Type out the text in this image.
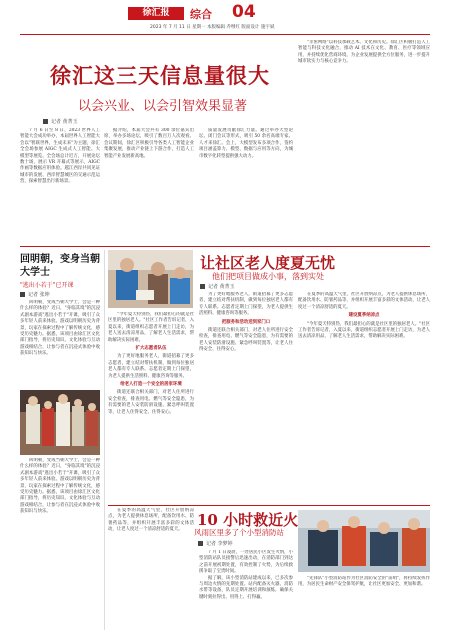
徐汇报	综合 04
2023 年 7 月 11 日 星期一 本版编辑 乔继红 版面设计 施宇斌
徐汇这三天信息量很大
以会兴业、以会引智效果显著
记者 黄菁玉

7 月 6 日至 8 日，2023 世界人工智能大会成功举办，本届世界人工智能大会以"智联世界，生成未来"为主题，徐汇全会场参展 AIGC 生成式人工智能、大模型等展览。全会场总计近万，开展论坛数十场，展示 VR 开幕式等展示，AIGC 作画等数据应用体验。越江西岸共同见证城市的发展、西岸智慧城区的交通示范运营，探索智慧出行新场景。

据介绍，本届大会共有 300 余位嘉宾出席，举办多场论坛，吸引了数百万人次观看。会议期间，徐汇区积极引导各类人工智能企业集聚发展，推动产业链上下游合作，打造人工智能产业发展新高地。

质量发展贡献徐汇力量。通过举办大型论坛、闭门会议等形式，吸引 50 余名高端专家、人才来徐汇。会上，大模型发布多项合作，签约项目涵盖算力、模型、数据与应用等方向，为城市数字化转型提供强大动力。

"亲密网络"以科技承载艺术、文化和历史。徐汇区积极打造人工智能与科技文化融合，推动 AI 技术在文化、教育、医疗等领域应用，并持续优化营商环境，为企业发展提供全方位服务，进一步提升城市软实力与核心竞争力。

回明朝，变身当朝大学士
"逃出小若于"已开课
记者 张坤

回明朝，变成当朝大学士，会是一种什么样的体验？近日，"身临其境"的沉浸式剧本游戏"逃出小若于"开课，吸引了众多年轻人前来体验。游戏以明朝历史为背景，玩家在探索过程中了解传统文化，感受历史魅力。据悉，该项目由徐汇区文化部门指导，将历史知识、文化体验与互动游戏相结合，让参与者在沉浸式体验中收获知识与快乐。

回明朝，变成当朝大学士，会是一种什么样的体验？近日，"身临其境"的沉浸式剧本游戏"逃出小若于"开课，吸引了众多年轻人前来体验。游戏以明朝历史为背景，玩家在探索过程中了解传统文化，感受历史魅力。据悉，该项目由徐汇区文化部门指导，将历史知识、文化体验与互动游戏相结合，让参与者在沉浸式体验中收获知识与快乐。

让社区老人度夏无忧
他们把项目做成小事，落到实处
记者 黄菁玉

"今年夏天特别热，我们最担心的就是社区里的独居老人。"社区工作者告诉记者，入夏以来，街道组织志愿者开展上门走访，为老人送去清凉用品，了解老人生活需求，帮助解决实际困难。

扩大志愿者队伍

为了更好地服务老人，街道招募了更多志愿者，建立结对帮扶机制，做到每位独居老人都有专人联系。志愿者定期上门探望，为老人提供生活照料、健康咨询等服务。

给老人打造一个安全的居家环境

街道还联合相关部门，对老人住所进行安全检查，排查用电、燃气等安全隐患，为有需要的老人安装防滑设施、紧急呼叫装置等，让老人住得安全、住得安心。

为了更好地服务老人，街道招募了更多志愿者，建立结对帮扶机制，做到每位独居老人都有专人联系。志愿者定期上门探望，为老人提供生活照料、健康咨询等服务。

把服务和活动送到家门口

街道还联合相关部门，对老人住所进行安全检查，排查用电、燃气等安全隐患，为有需要的老人安装防滑设施、紧急呼叫装置等，让老人住得安全、住得安心。

在夏季的高温天气里，社区开放纳凉点，为老人提供休息场所，配备饮用水、防暑药品等，并组织开展丰富多彩的文体活动，让老人度过一个清凉舒适的夏天。

建设夏季纳凉点

"今年夏天特别热，我们最担心的就是社区里的独居老人。"社区工作者告诉记者，入夏以来，街道组织志愿者开展上门走访，为老人送去清凉用品，了解老人生活需求，帮助解决实际困难。

在夏季的高温天气里，社区开放纳凉点，为老人提供休息场所，配备饮用水、防暑药品等，并组织开展丰富多彩的文体活动，让老人度过一个清凉舒适的夏天。

10 小时救近火
风雨区里多了个小型消防站
记者 李梦婷

7 月 1 日凌晨，一处居民小区发生火情，小型消防站队员接警后迅速出动，在消防部门到达之前开展初期处置，有效控制了火势，为后续救援争取了宝贵时间。

据了解，该小型消防站建成以来，已多次参与周边火情的先期处置。站内配备灭火器、消防水带等设备，队员定期开展培训和演练，确保关键时刻拉得出、用得上、打得赢。

"先锋队"小型消防站作为社区消防安全的"前哨"，将持续发挥作用，为居民生命财产安全保驾护航，让社区更加安全、更加和谐。
